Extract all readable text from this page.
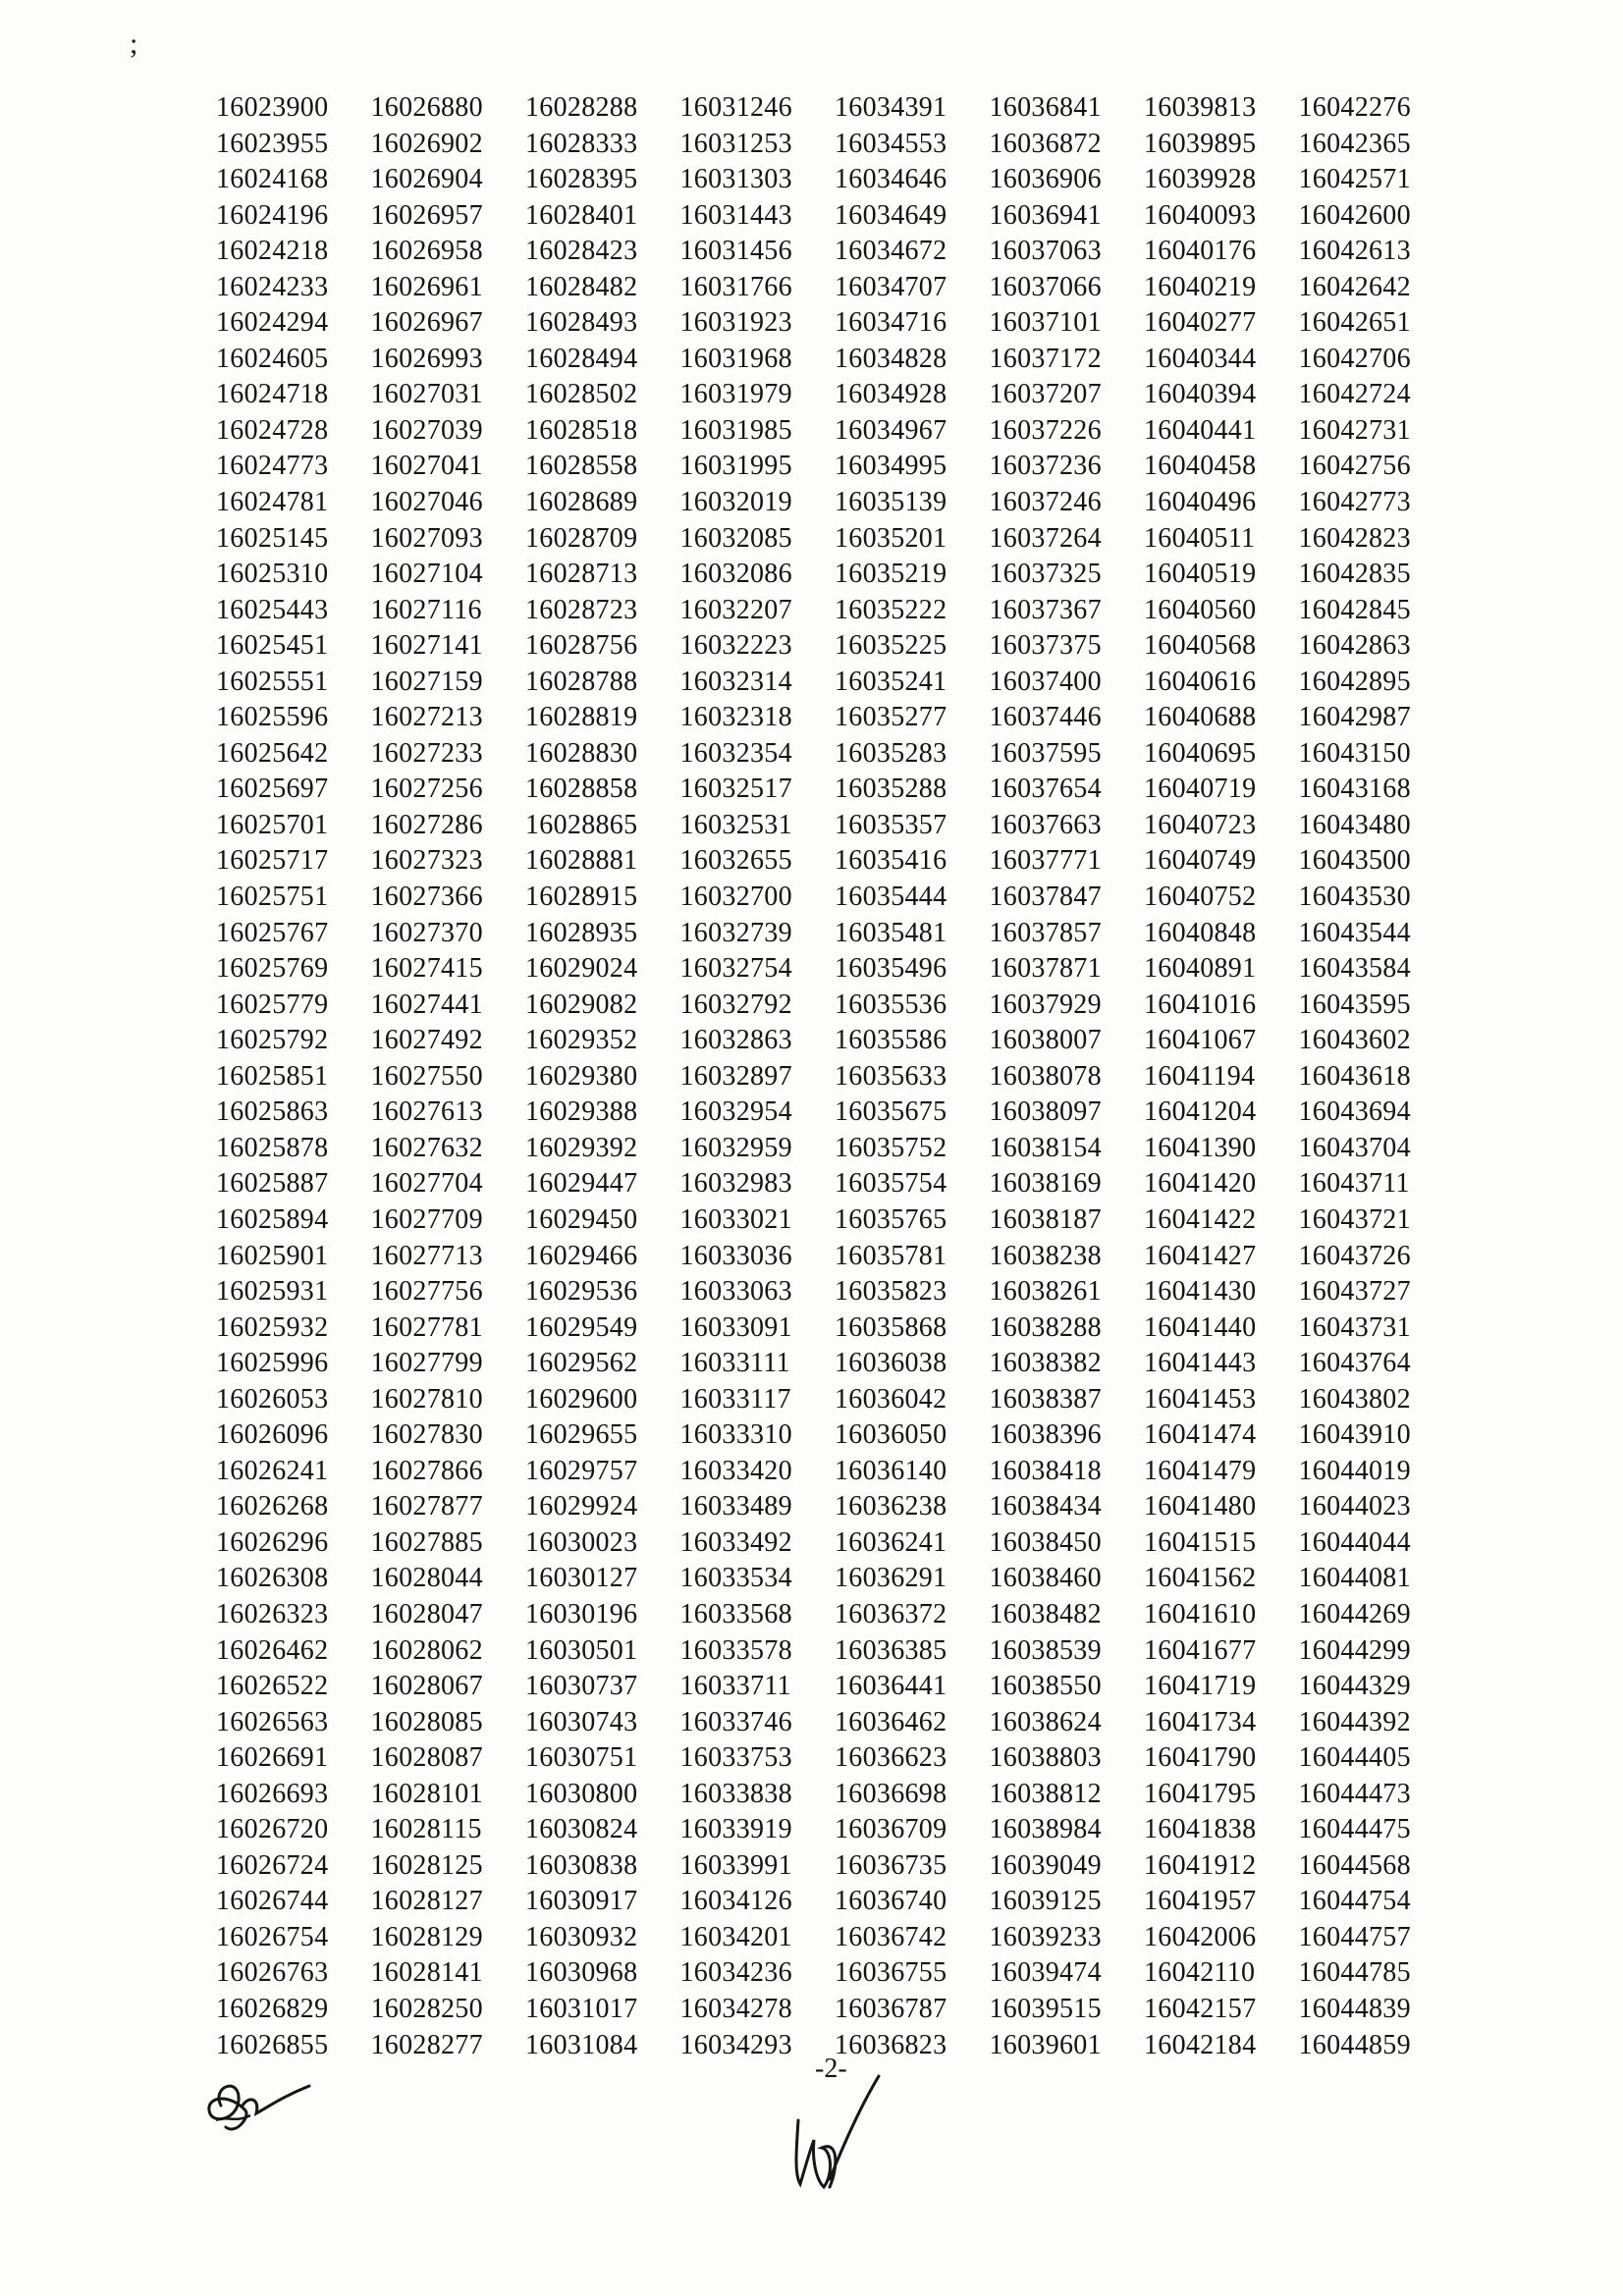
;
16023900	16026880	16028288	16031246	16034391	16036841	16039813	16042276
16023955	16026902	16028333	16031253	16034553	16036872	16039895	16042365
16024168	16026904	16028395	16031303	16034646	16036906	16039928	16042571
16024196	16026957	16028401	16031443	16034649	16036941	16040093	16042600
16024218	16026958	16028423	16031456	16034672	16037063	16040176	16042613
16024233	16026961	16028482	16031766	16034707	16037066	16040219	16042642
16024294	16026967	16028493	16031923	16034716	16037101	16040277	16042651
16024605	16026993	16028494	16031968	16034828	16037172	16040344	16042706
16024718	16027031	16028502	16031979	16034928	16037207	16040394	16042724
16024728	16027039	16028518	16031985	16034967	16037226	16040441	16042731
16024773	16027041	16028558	16031995	16034995	16037236	16040458	16042756
16024781	16027046	16028689	16032019	16035139	16037246	16040496	16042773
16025145	16027093	16028709	16032085	16035201	16037264	16040511	16042823
16025310	16027104	16028713	16032086	16035219	16037325	16040519	16042835
16025443	16027116	16028723	16032207	16035222	16037367	16040560	16042845
16025451	16027141	16028756	16032223	16035225	16037375	16040568	16042863
16025551	16027159	16028788	16032314	16035241	16037400	16040616	16042895
16025596	16027213	16028819	16032318	16035277	16037446	16040688	16042987
16025642	16027233	16028830	16032354	16035283	16037595	16040695	16043150
16025697	16027256	16028858	16032517	16035288	16037654	16040719	16043168
16025701	16027286	16028865	16032531	16035357	16037663	16040723	16043480
16025717	16027323	16028881	16032655	16035416	16037771	16040749	16043500
16025751	16027366	16028915	16032700	16035444	16037847	16040752	16043530
16025767	16027370	16028935	16032739	16035481	16037857	16040848	16043544
16025769	16027415	16029024	16032754	16035496	16037871	16040891	16043584
16025779	16027441	16029082	16032792	16035536	16037929	16041016	16043595
16025792	16027492	16029352	16032863	16035586	16038007	16041067	16043602
16025851	16027550	16029380	16032897	16035633	16038078	16041194	16043618
16025863	16027613	16029388	16032954	16035675	16038097	16041204	16043694
16025878	16027632	16029392	16032959	16035752	16038154	16041390	16043704
16025887	16027704	16029447	16032983	16035754	16038169	16041420	16043711
16025894	16027709	16029450	16033021	16035765	16038187	16041422	16043721
16025901	16027713	16029466	16033036	16035781	16038238	16041427	16043726
16025931	16027756	16029536	16033063	16035823	16038261	16041430	16043727
16025932	16027781	16029549	16033091	16035868	16038288	16041440	16043731
16025996	16027799	16029562	16033111	16036038	16038382	16041443	16043764
16026053	16027810	16029600	16033117	16036042	16038387	16041453	16043802
16026096	16027830	16029655	16033310	16036050	16038396	16041474	16043910
16026241	16027866	16029757	16033420	16036140	16038418	16041479	16044019
16026268	16027877	16029924	16033489	16036238	16038434	16041480	16044023
16026296	16027885	16030023	16033492	16036241	16038450	16041515	16044044
16026308	16028044	16030127	16033534	16036291	16038460	16041562	16044081
16026323	16028047	16030196	16033568	16036372	16038482	16041610	16044269
16026462	16028062	16030501	16033578	16036385	16038539	16041677	16044299
16026522	16028067	16030737	16033711	16036441	16038550	16041719	16044329
16026563	16028085	16030743	16033746	16036462	16038624	16041734	16044392
16026691	16028087	16030751	16033753	16036623	16038803	16041790	16044405
16026693	16028101	16030800	16033838	16036698	16038812	16041795	16044473
16026720	16028115	16030824	16033919	16036709	16038984	16041838	16044475
16026724	16028125	16030838	16033991	16036735	16039049	16041912	16044568
16026744	16028127	16030917	16034126	16036740	16039125	16041957	16044754
16026754	16028129	16030932	16034201	16036742	16039233	16042006	16044757
16026763	16028141	16030968	16034236	16036755	16039474	16042110	16044785
16026829	16028250	16031017	16034278	16036787	16039515	16042157	16044839
16026855	16028277	16031084	16034293	16036823	16039601	16042184	16044859
-2-
